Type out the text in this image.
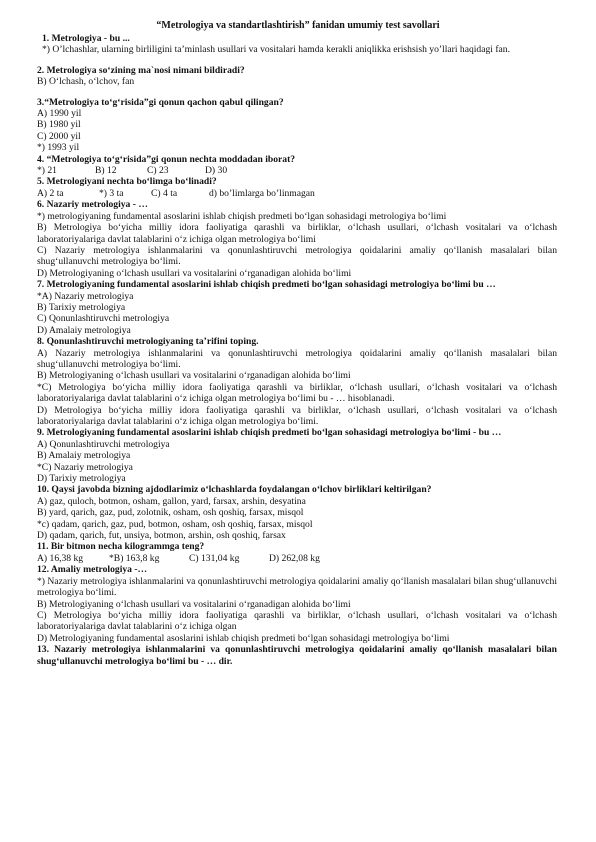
“Metrologiya va standartlashtirish” fanidan umumiy test savollari

1. Metrologiya - bu ...

*) O’lchashlar, ularning birliligini ta’minlash usullari va vositalari hamda kerakli aniqlikka erishsish yo’llari haqidagi fan.

2. Metrologiya so‘zining ma`nosi nimani bildiradi?

B) O‘lchash, o‘lchov, fan

3.“Metrologiya to‘g‘risida”gi qonun qachon qabul qilingan?

A) 1990 yil

B) 1980 yil

C) 2000 yil

*) 1993 yil

4. “Metrologiya to‘g‘risida”gi qonun nechta moddadan iborat?

*) 21	B) 12	C) 23	D) 30

5. Metrologiyani nechta bo‘limga bo‘linadi?

A) 2 ta	*) 3 ta	C) 4 ta	d) bo’limlarga bo’linmagan

6. Nazariy metrologiya - …

*) metrologiyaning fundamental asoslarini ishlab chiqish predmeti bo‘lgan sohasidagi metrologiya bo‘limi

B) Metrologiya bo‘yicha milliy idora faoliyatiga qarashli va birliklar, o‘lchash usullari, o‘lchash vositalari va o‘lchash laboratoriyalariga davlat talablarini o‘z ichiga olgan metrologiya bo‘limi

C) Nazariy metrologiya ishlanmalarini va qonunlashtiruvchi metrologiya qoidalarini amaliy qo‘llanish masalalari bilan shug‘ullanuvchi metrologiya bo‘limi.

D) Metrologiyaning o‘lchash usullari va vositalarini o‘rganadigan alohida bo‘limi

7. Metrologiyaning fundamental asoslarini ishlab chiqish predmeti bo‘lgan sohasidagi metrologiya bo‘limi bu …

*A) Nazariy metrologiya

B) Tarixiy metrologiya

C) Qonunlashtiruvchi metrologiya

D) Amalaiy metrologiya

8. Qonunlashtiruvchi metrologiyaning ta’rifini toping.

A) Nazariy metrologiya ishlanmalarini va qonunlashtiruvchi metrologiya qoidalarini amaliy qo‘llanish masalalari bilan shug‘ullanuvchi metrologiya bo‘limi.

B) Metrologiyaning o‘lchash usullari va vositalarini o‘rganadigan alohida bo‘limi

*C) Metrologiya bo‘yicha milliy idora faoliyatiga qarashli va birliklar, o‘lchash usullari, o‘lchash vositalari va o‘lchash laboratoriyalariga davlat talablarini o‘z ichiga olgan metrologiya bo‘limi bu - … hisoblanadi.

D) Metrologiya bo‘yicha milliy idora faoliyatiga qarashli va birliklar, o‘lchash usullari, o‘lchash vositalari va o‘lchash laboratoriyalariga davlat talablarini o‘z ichiga olgan metrologiya bo‘limi.

9. Metrologiyaning fundamental asoslarini ishlab chiqish predmeti bo‘lgan sohasidagi metrologiya bo‘limi - bu …

A) Qonunlashtiruvchi metrologiya

B) Amalaiy metrologiya

*C) Nazariy metrologiya

D) Tarixiy metrologiya

10. Qaysi javobda bizning ajdodlarimiz o‘lchashlarda foydalangan o‘lchov birliklari keltirilgan?

A) gaz, quloch, botmon, osham, gallon, yard, farsax, arshin, desyatina

B) yard, qarich, gaz, pud, zolotnik, osham, osh qoshiq, farsax, misqol

*c) qadam, qarich, gaz, pud, botmon, osham, osh qoshiq, farsax, misqol

D) qadam, qarich, fut, unsiya, botmon, arshin, osh qoshiq, farsax

11. Bir bitmon necha kilogrammga teng?

A) 16,38 kg	*B) 163,8 kg	C) 131,04 kg	D) 262,08 kg

12. Amaliy metrologiya -…

*) Nazariy metrologiya ishlanmalarini va qonunlashtiruvchi metrologiya qoidalarini amaliy qo‘llanish masalalari bilan shug‘ullanuvchi metrologiya bo‘limi.

B) Metrologiyaning o‘lchash usullari va vositalarini o‘rganadigan alohida bo‘limi

C) Metrologiya bo‘yicha milliy idora faoliyatiga qarashli va birliklar, o‘lchash usullari, o‘lchash vositalari va o‘lchash laboratoriyalariga davlat talablarini o‘z ichiga olgan

D) Metrologiyaning fundamental asoslarini ishlab chiqish predmeti bo‘lgan sohasidagi metrologiya bo‘limi

13. Nazariy metrologiya ishlanmalarini va qonunlashtiruvchi metrologiya qoidalarini amaliy qo‘llanish masalalari bilan shug‘ullanuvchi metrologiya bo‘limi bu - … dir.
